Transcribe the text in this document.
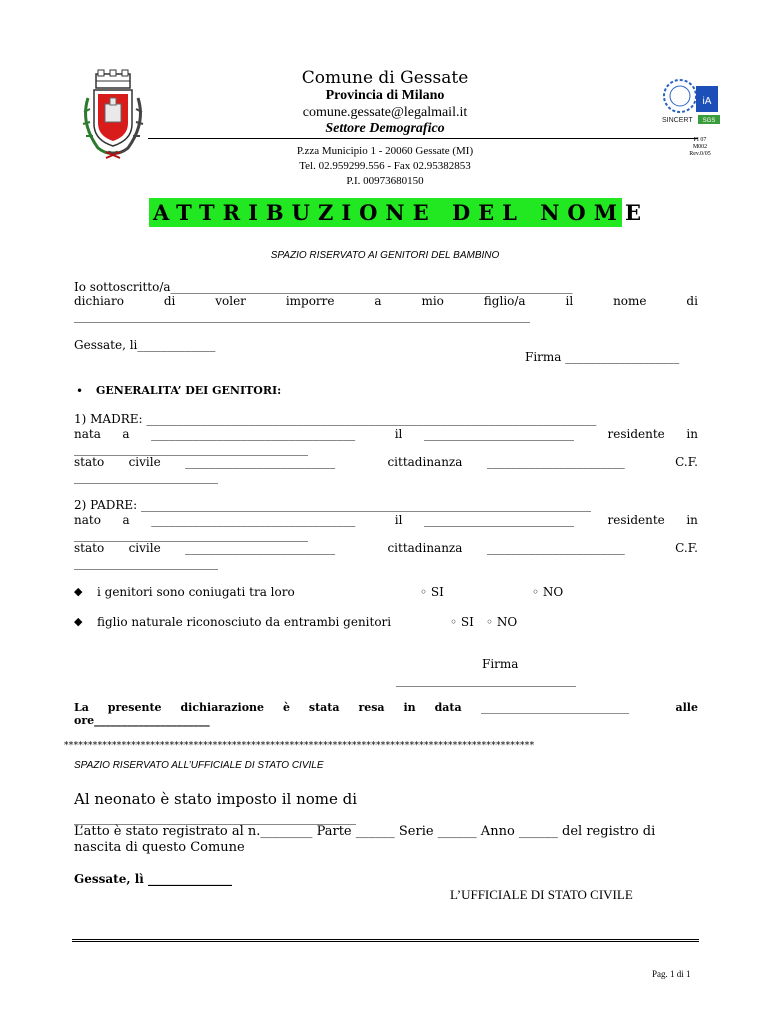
Comune di Gessate
Provincia di Milano
comune.gessate@legalmail.it
Settore Demografico
P.zza Municipio 1 - 20060 Gessate (MI)
Tel. 02.959299.556 - Fax 02.95382853
P.I. 00973680150
iA
SINCERT SGS
PI 07
M002
Rev.0/05
ATTRIBUZIONE DEL NOME
SPAZIO RISERVATO AI GENITORI DEL BAMBINO
Io sottoscritto/a___________________________________________________________________
dichiaro	di	voler	imporre	a	mio	figlio/a	il	nome	di
____________________________________________________________________________
Gessate, li_____________
Firma ___________________
• GENERALITA’ DEI GENITORI:
1) MADRE: ___________________________________________________________________________
nata a __________________________________	il _________________________	residente in
_______________________________________
stato civile _________________________	cittadinanza _______________________	C.F.
________________________
2) PADRE: ___________________________________________________________________________
nato a __________________________________	il _________________________	residente in
_______________________________________
stato civile _________________________	cittadinanza _______________________	C.F.
________________________
◆ i genitori sono coniugati tra loro	◦ SI	◦ NO
◆ figlio naturale riconosciuto da entrambi genitori	◦ SI ◦ NO
Firma
______________________________
La presente dichiarazione è stata resa in data ___________________________	alle
ore_____________________
**************************************************************************************************
SPAZIO RISERVATO ALL’UFFICIALE DI STATO CIVILE
Al neonato è stato imposto il nome di
_______________________________________________
L’atto è stato registrato al n.________ Parte ______ Serie ______ Anno ______ del registro di
nascita di questo Comune
Gessate, lì ______________
L’UFFICIALE DI STATO CIVILE
Pag. 1 di 1
